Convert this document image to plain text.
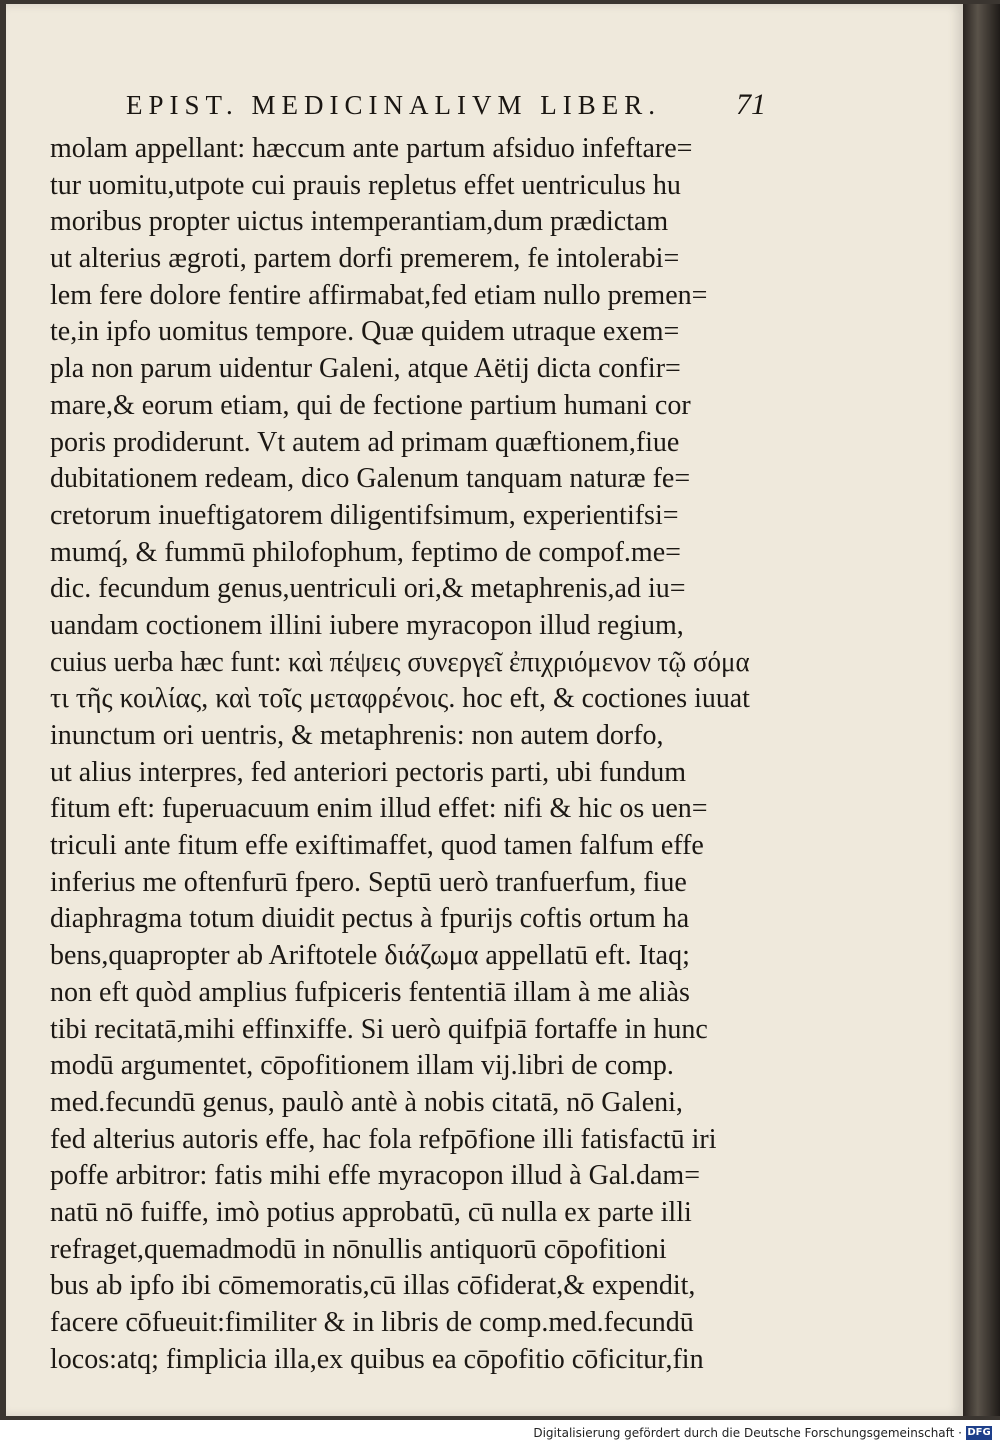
EPIST. MEDICINALIVM LIBER.	71
molam appellant: hæccum ante partum afsiduo infeftare=
tur uomitu,utpote cui prauis repletus effet uentriculus hu
moribus propter uictus intemperantiam,dum prædictam
ut alterius ægroti, partem dorfi premerem, fe intolerabi=
lem fere dolore fentire affirmabat,fed etiam nullo premen=
te,in ipfo uomitus tempore. Quæ quidem utraque exem=
pla non parum uidentur Galeni, atque Aëtij dicta confir=
mare,& eorum etiam, qui de fectione partium humani cor
poris prodiderunt. Vt autem ad primam quæftionem,fiue
dubitationem redeam, dico Galenum tanquam naturæ fe=
cretorum inueftigatorem diligentifsimum, experientifsi=
mumq́, & fummū philofophum, feptimo de compof.me=
dic. fecundum genus,uentriculi ori,& metaphrenis,ad iu=
uandam coctionem illini iubere myracopon illud regium,
cuius uerba hæc funt: καὶ πέψεις συνεργεῖ ἐπιχριόμενον τῷ σόμα
τι τῆς κοιλίας, καὶ τοῖς μεταφρένοις. hoc eft, & coctiones iuuat
inunctum ori uentris, & metaphrenis: non autem dorfo,
ut alius interpres, fed anteriori pectoris parti, ubi fundum
fitum eft: fuperuacuum enim illud effet: nifi & hic os uen=
triculi ante fitum effe exiftimaffet, quod tamen falfum effe
inferius me oftenfurū fpero. Septū uerò tranfuerfum, fiue
diaphragma totum diuidit pectus à fpurijs coftis ortum ha
bens,quapropter ab Ariftotele διάζωμα appellatū eft. Itaq;
non eft quòd amplius fufpiceris fententiā illam à me aliàs
tibi recitatā,mihi effinxiffe. Si uerò quifpiā fortaffe in hunc
modū argumentet, cōpofitionem illam vij.libri de comp.
med.fecundū genus, paulò antè à nobis citatā, nō Galeni,
fed alterius autoris effe, hac fola refpōfione illi fatisfactū iri
poffe arbitror: fatis mihi effe myracopon illud à Gal.dam=
natū nō fuiffe, imò potius approbatū, cū nulla ex parte illi
refraget,quemadmodū in nōnullis antiquorū cōpofitioni
bus ab ipfo ibi cōmemoratis,cū illas cōfiderat,& expendit,
facere cōfueuit:fimiliter & in libris de comp.med.fecundū
locos:atq; fimplicia illa,ex quibus ea cōpofitio cōficitur,fin
Digitalisierung gefördert durch die Deutsche Forschungsgemeinschaft · DFG
